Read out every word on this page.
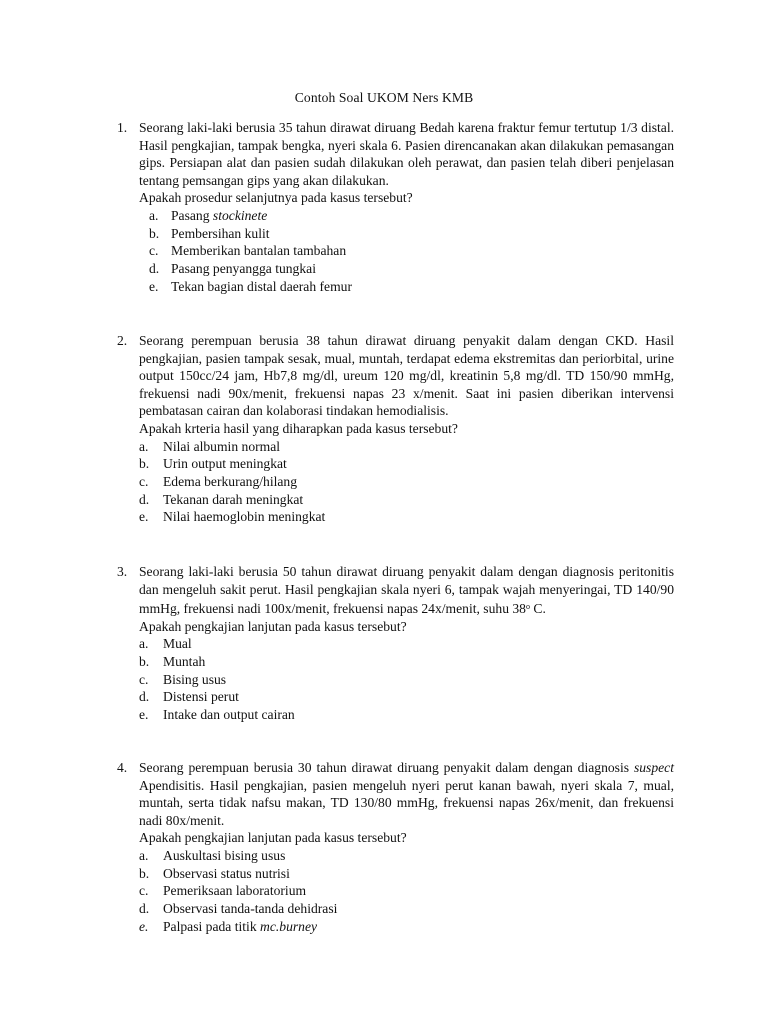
Contoh Soal UKOM Ners KMB
1. Seorang laki-laki berusia 35 tahun dirawat diruang Bedah karena fraktur femur tertutup 1/3 distal. Hasil pengkajian, tampak bengka, nyeri skala 6. Pasien direncanakan akan dilakukan pemasangan gips. Persiapan alat dan pasien sudah dilakukan oleh perawat, dan pasien telah diberi penjelasan tentang pemsangan gips yang akan dilakukan.

Apakah prosedur selanjutnya pada kasus tersebut?

a. Pasang stockinete
b. Pembersihan kulit
c. Memberikan bantalan tambahan
d. Pasang penyangga tungkai
e. Tekan bagian distal daerah femur
2. Seorang perempuan berusia 38 tahun dirawat diruang penyakit dalam dengan CKD. Hasil pengkajian, pasien tampak sesak, mual, muntah, terdapat edema ekstremitas dan periorbital, urine output 150cc/24 jam, Hb7,8 mg/dl, ureum 120 mg/dl, kreatinin 5,8 mg/dl. TD 150/90 mmHg, frekuensi nadi 90x/menit, frekuensi napas 23 x/menit. Saat ini pasien diberikan intervensi pembatasan cairan dan kolaborasi tindakan hemodialisis.

Apakah krteria hasil yang diharapkan pada kasus tersebut?

a. Nilai albumin normal
b. Urin output meningkat
c. Edema berkurang/hilang
d. Tekanan darah meningkat
e. Nilai haemoglobin meningkat
3. Seorang laki-laki berusia 50 tahun dirawat diruang penyakit dalam dengan diagnosis peritonitis dan mengeluh sakit perut. Hasil pengkajian skala nyeri 6, tampak wajah menyeringai, TD 140/90 mmHg, frekuensi nadi 100x/menit, frekuensi napas 24x/menit, suhu 38$^o$ C.

Apakah pengkajian lanjutan pada kasus tersebut?

a. Mual
b. Muntah
c. Bising usus
d. Distensi perut
e. Intake dan output cairan
4. Seorang perempuan berusia 30 tahun dirawat diruang penyakit dalam dengan diagnosis suspect Apendisitis. Hasil pengkajian, pasien mengeluh nyeri perut kanan bawah, nyeri skala 7, mual, muntah, serta tidak nafsu makan, TD 130/80 mmHg, frekuensi napas 26x/menit, dan frekuensi nadi 80x/menit.

Apakah pengkajian lanjutan pada kasus tersebut?

a. Auskultasi bising usus
b. Observasi status nutrisi
c. Pemeriksaan laboratorium
d. Observasi tanda-tanda dehidrasi
e. Palpasi pada titik mc.burney
